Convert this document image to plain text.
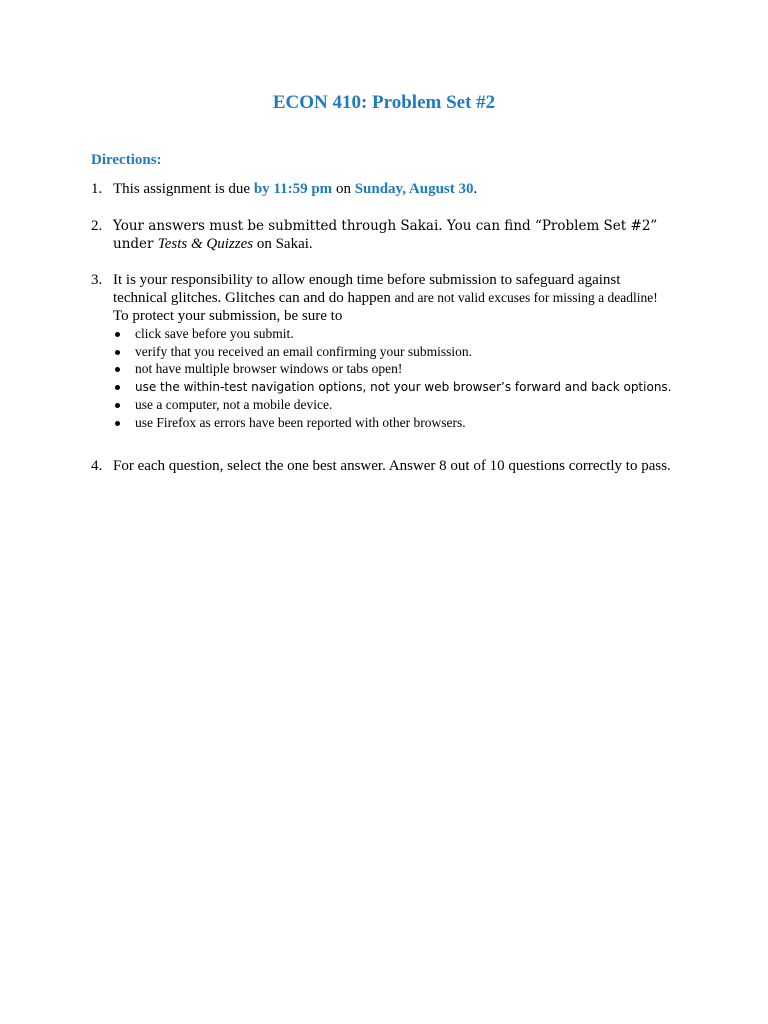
ECON 410: Problem Set #2
Directions:
1. This assignment is due by 11:59 pm on Sunday, August 30.
2. Your answers must be submitted through Sakai. You can find “Problem Set #2” under Tests & Quizzes on Sakai.
3. It is your responsibility to allow enough time before submission to safeguard against
technical glitches. Glitches can and do happen and are not valid excuses for missing a deadline!
To protect your submission, be sure to
click save before you submit.
verify that you received an email confirming your submission.
not have multiple browser windows or tabs open!
use the within-test navigation options, not your web browser’s forward and back options.
use a computer, not a mobile device.
use Firefox as errors have been reported with other browsers.
4. For each question, select the one best answer. Answer 8 out of 10 questions correctly to pass.
